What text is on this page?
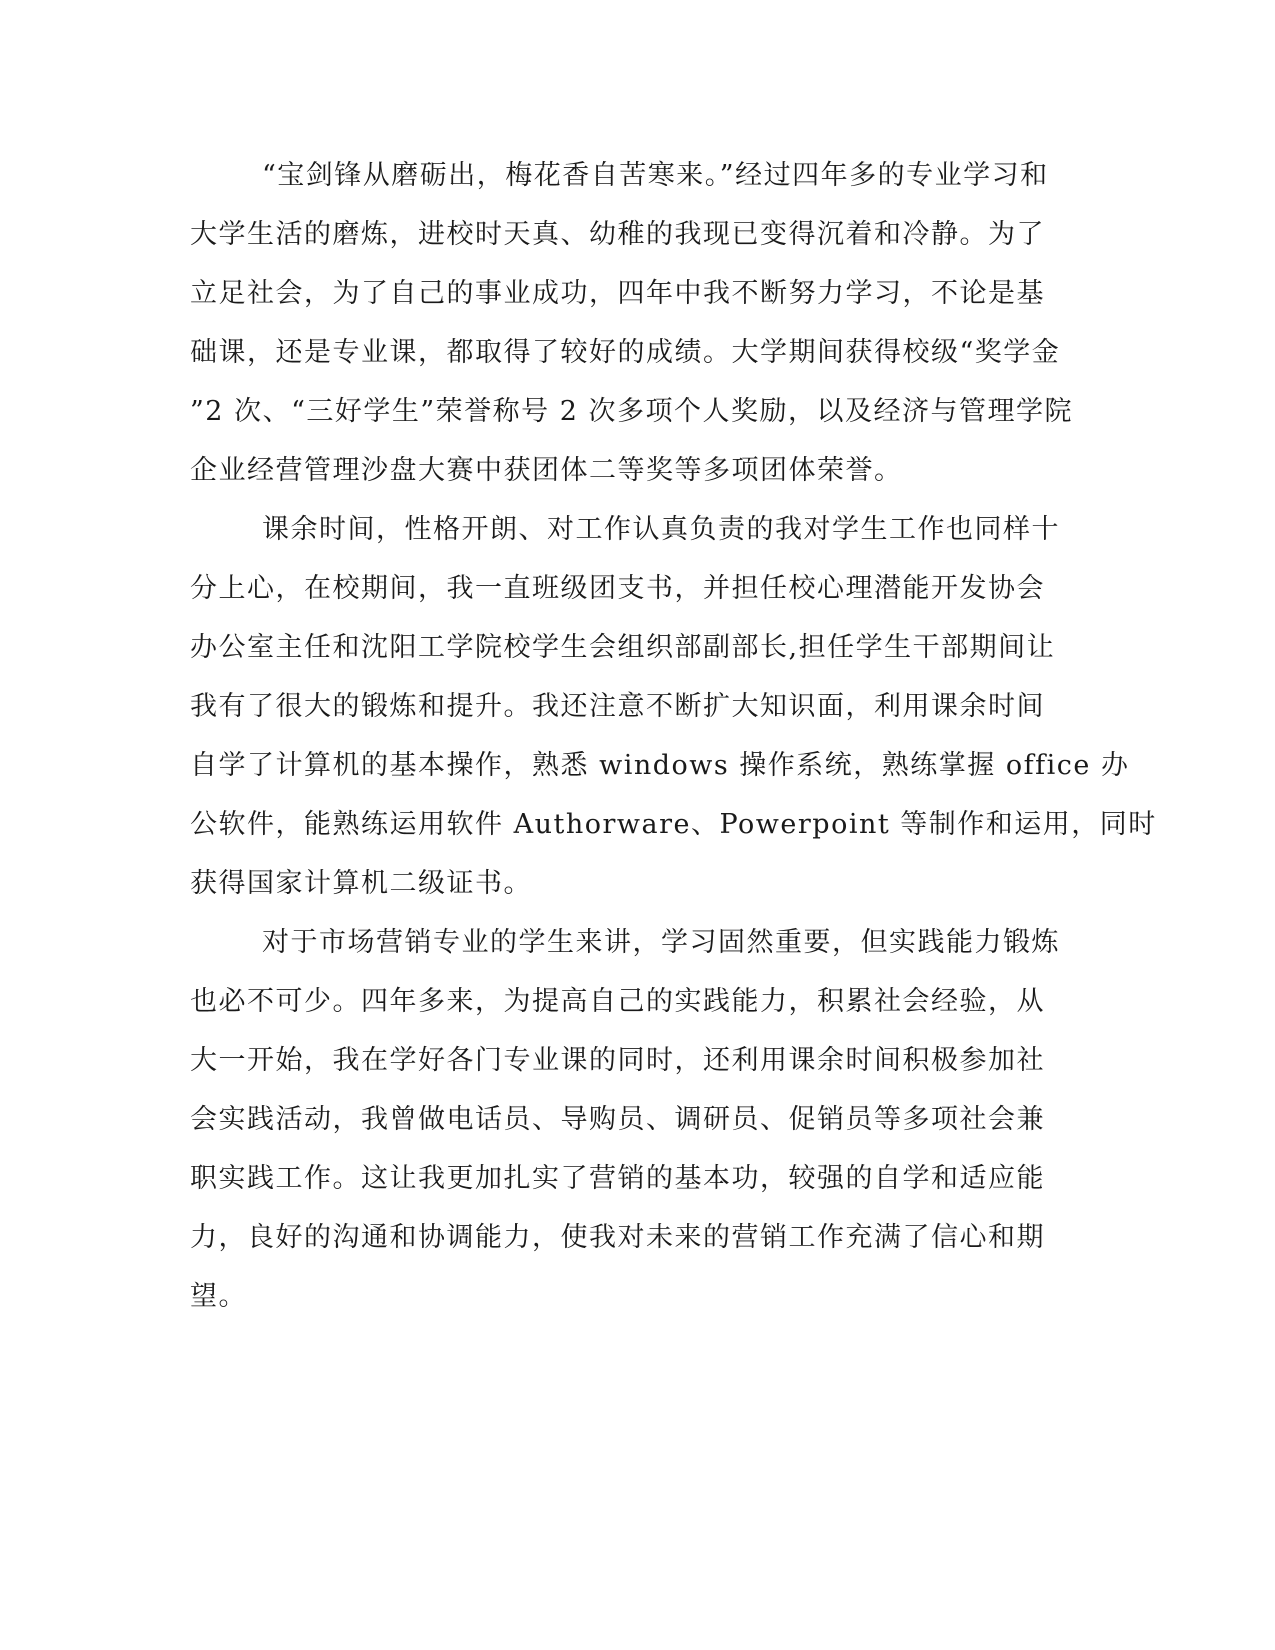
“宝剑锋从磨砺出，梅花香自苦寒来。”经过四年多的专业学习和
大学生活的磨炼，进校时天真、幼稚的我现已变得沉着和冷静。为了
立足社会，为了自己的事业成功，四年中我不断努力学习，不论是基
础课，还是专业课，都取得了较好的成绩。大学期间获得校级“奖学金
”2 次、“三好学生”荣誉称号 2 次多项个人奖励，以及经济与管理学院
企业经营管理沙盘大赛中获团体二等奖等多项团体荣誉。
课余时间，性格开朗、对工作认真负责的我对学生工作也同样十
分上心，在校期间，我一直班级团支书，并担任校心理潜能开发协会
办公室主任和沈阳工学院校学生会组织部副部长,担任学生干部期间让
我有了很大的锻炼和提升。我还注意不断扩大知识面，利用课余时间
自学了计算机的基本操作，熟悉 windows 操作系统，熟练掌握 office 办
公软件，能熟练运用软件 Authorware、Powerpoint 等制作和运用，同时
获得国家计算机二级证书。
对于市场营销专业的学生来讲，学习固然重要，但实践能力锻炼
也必不可少。四年多来，为提高自己的实践能力，积累社会经验，从
大一开始，我在学好各门专业课的同时，还利用课余时间积极参加社
会实践活动，我曾做电话员、导购员、调研员、促销员等多项社会兼
职实践工作。这让我更加扎实了营销的基本功，较强的自学和适应能
力，良好的沟通和协调能力，使我对未来的营销工作充满了信心和期
望。
